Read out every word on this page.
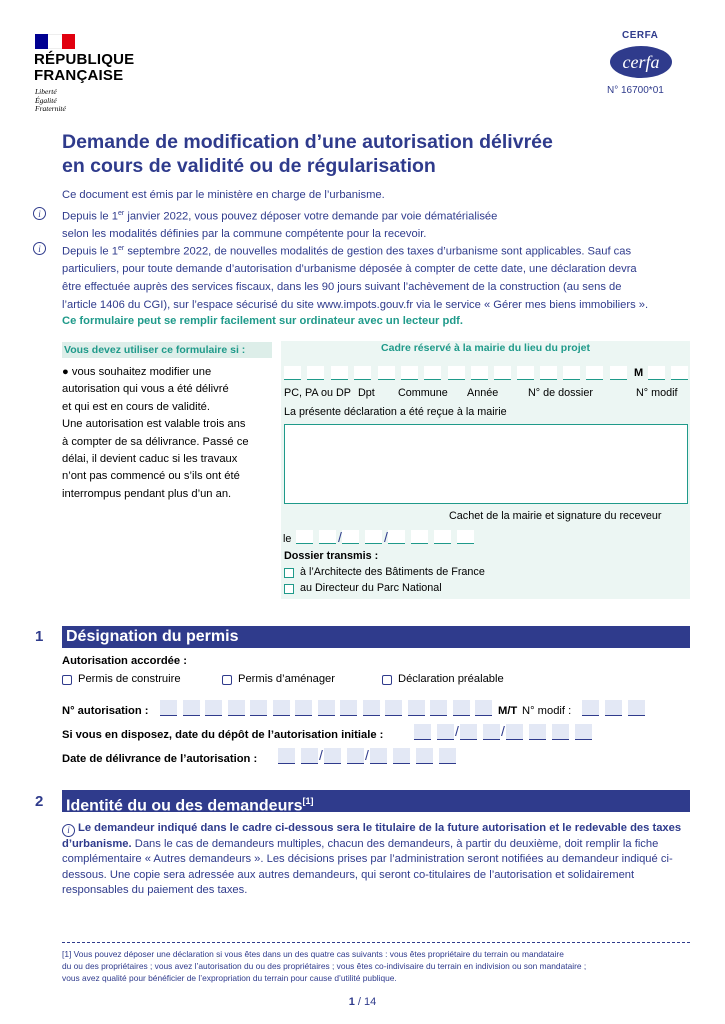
RÉPUBLIQUE
FRANÇAISE
Liberté
Égalité
Fraternité
CERFA
cerfa
N° 16700*01
Demande de modification d’une autorisation délivrée
en cours de validité ou de régularisation
Ce document est émis par le ministère en charge de l’urbanisme.
i	Depuis le 1er janvier 2022, vous pouvez déposer votre demande par voie dématérialisée
selon les modalités définies par la commune compétente pour la recevoir.
i	Depuis le 1er septembre 2022, de nouvelles modalités de gestion des taxes d’urbanisme sont applicables. Sauf cas
particuliers, pour toute demande d’autorisation d’urbanisme déposée à compter de cette date, une déclaration devra
être effectuée auprès des services fiscaux, dans les 90 jours suivant l’achèvement de la construction (au sens de
l’article 1406 du CGI), sur l’espace sécurisé du site www.impots.gouv.fr via le service « Gérer mes biens immobiliers ».
Ce formulaire peut se remplir facilement sur ordinateur avec un lecteur pdf.
Vous devez utiliser ce formulaire si :
● vous souhaitez modifier une
autorisation qui vous a été délivré
et qui est en cours de validité.
Une autorisation est valable trois ans
à compter de sa délivrance. Passé ce
délai, il devient caduc si les travaux
n’ont pas commencé ou s’ils ont été
interrompus pendant plus d’un an.
Cadre réservé à la mairie du lieu du projet
M
PC, PA ou DP Dpt Commune Année	N° de dossier	N° modif
La présente déclaration a été reçue à la mairie
Cachet de la mairie et signature du receveur
le	/	/
Dossier transmis :
à l’Architecte des Bâtiments de France
au Directeur du Parc National
1 Désignation du permis
Autorisation accordée :
Permis de construire	Permis d’aménager	Déclaration préalable
N° autorisation :	M/T N° modif :
Si vous en disposez, date du dépôt de l’autorisation initiale :	/	/
Date de délivrance de l’autorisation :	/	/
2 Identité du ou des demandeurs[1]
i Le demandeur indiqué dans le cadre ci-dessous sera le titulaire de la future autorisation et le redevable des taxes d’urbanisme. Dans le cas de demandeurs multiples, chacun des demandeurs, à partir du deuxième, doit remplir la fiche complémentaire « Autres demandeurs ». Les décisions prises par l’administration seront notifiées au demandeur indiqué ci-dessous. Une copie sera adressée aux autres demandeurs, qui seront co-titulaires de l’autorisation et solidairement responsables du paiement des taxes.
[1] Vous pouvez déposer une déclaration si vous êtes dans un des quatre cas suivants : vous êtes propriétaire du terrain ou mandataire
du ou des propriétaires ; vous avez l’autorisation du ou des propriétaires ; vous êtes co-indivisaire du terrain en indivision ou son mandataire ;
vous avez qualité pour bénéficier de l’expropriation du terrain pour cause d’utilité publique.
1 / 14
